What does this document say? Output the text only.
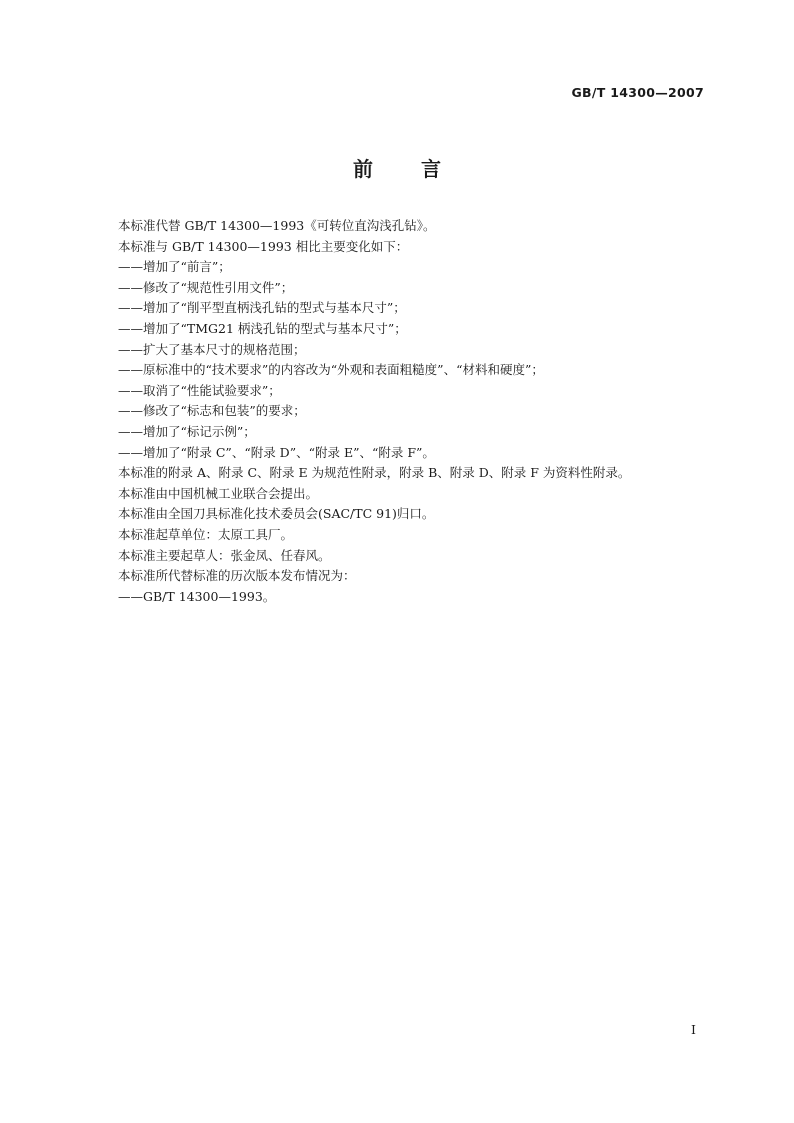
GB/T 14300—2007
前 言
本标准代替 GB/T 14300—1993《可转位直沟浅孔钻》。
本标准与 GB/T 14300—1993 相比主要变化如下：
——增加了“前言”；
——修改了“规范性引用文件”；
——增加了“削平型直柄浅孔钻的型式与基本尺寸”；
——增加了“TMG21 柄浅孔钻的型式与基本尺寸”；
——扩大了基本尺寸的规格范围；
——原标准中的“技术要求”的内容改为“外观和表面粗糙度”、“材料和硬度”；
——取消了“性能试验要求”；
——修改了“标志和包装”的要求；
——增加了“标记示例”；
——增加了“附录 C”、“附录 D”、“附录 E”、“附录 F”。
本标准的附录 A、附录 C、附录 E 为规范性附录，附录 B、附录 D、附录 F 为资料性附录。
本标准由中国机械工业联合会提出。
本标准由全国刀具标准化技术委员会(SAC/TC 91)归口。
本标准起草单位：太原工具厂。
本标准主要起草人：张金凤、任春风。
本标准所代替标准的历次版本发布情况为：
——GB/T 14300—1993。
I
